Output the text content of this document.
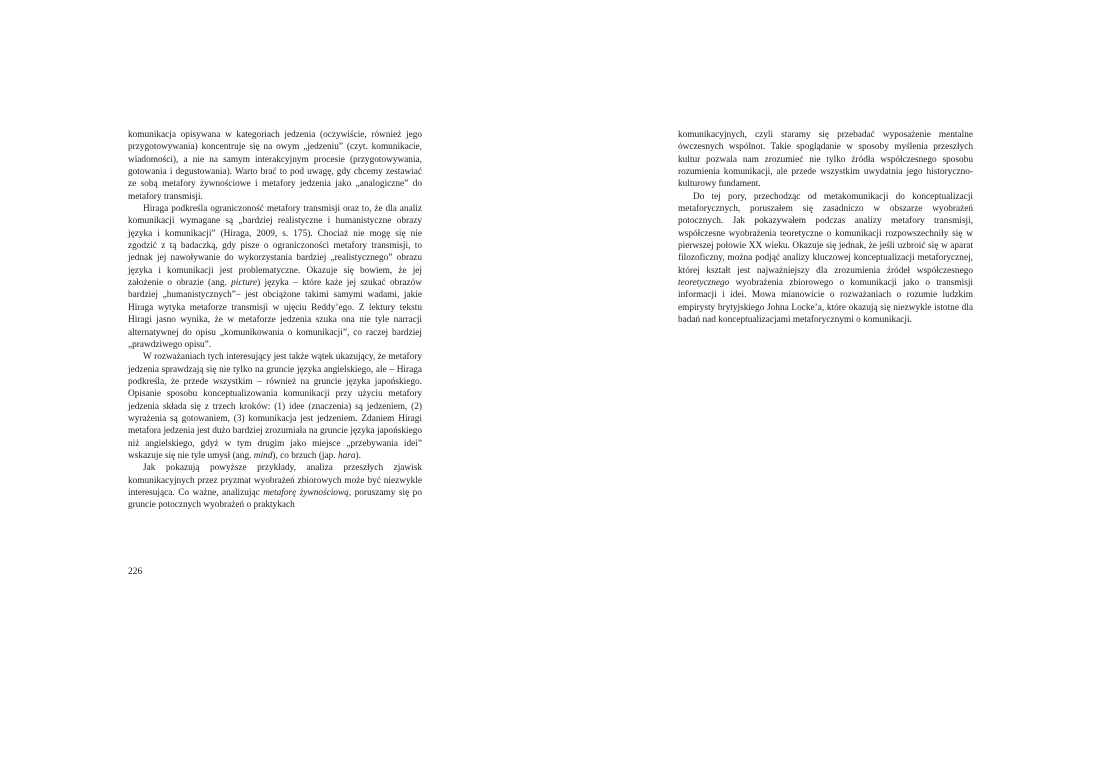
komunikacja opisywana w kategoriach jedzenia (oczywiście, również jego przygotowywania) koncentruje się na owym „jedzeniu” (czyt. komunikacie, wiadomości), a nie na samym interakcyjnym procesie (przygotowywania, gotowania i degustowania). Warto brać to pod uwagę, gdy chcemy zestawiać ze sobą metafory żywnościowe i metafory jedzenia jako „analogiczne” do metafory transmisji.

Hiraga podkreśla ograniczoność metafory transmisji oraz to, że dla analiz komunikacji wymagane są „bardziej realistyczne i humanistyczne obrazy języka i komunikacji” (Hiraga, 2009, s. 175). Chociaż nie mogę się nie zgodzić z tą badaczką, gdy pisze o ograniczoności metafory transmisji, to jednak jej nawoływanie do wykorzystania bardziej „realistycznego” obrazu języka i komunikacji jest problematyczne. Okazuje się bowiem, że jej założenie o obrazie (ang. picture) języka – które każe jej szukać obrazów bardziej „humanistycznych”– jest obciążone takimi samymi wadami, jakie Hiraga wytyka metaforze transmisji w ujęciu Reddy’ego. Z lektury tekstu Hiragi jasno wynika, że w metaforze jedzenia szuka ona nie tyle narracji alternatywnej do opisu „komunikowania o komunikacji”, co raczej bardziej „prawdziwego opisu”.

W rozważaniach tych interesujący jest także wątek ukazujący, że metafory jedzenia sprawdzają się nie tylko na gruncie języka angielskiego, ale – Hiraga podkreśla, że przede wszystkim – również na gruncie języka japońskiego. Opisanie sposobu konceptualizowania komunikacji przy użyciu metafory jedzenia składa się z trzech kroków: (1) idee (znaczenia) są jedzeniem, (2) wyrażenia są gotowaniem, (3) komunikacja jest jedzeniem. Zdaniem Hiragi metafora jedzenia jest dużo bardziej zrozumiała na gruncie języka japońskiego niż angielskiego, gdyż w tym drugim jako miejsce „przebywania idei” wskazuje się nie tyle umysł (ang. mind), co brzuch (jap. hara).

Jak pokazują powyższe przykłady, analiza przeszłych zjawisk komunikacyjnych przez pryzmat wyobrażeń zbiorowych może być niezwykle interesująca. Co ważne, analizując metaforę żywnościową, poruszamy się po gruncie potocznych wyobrażeń o praktykach

226

komunikacyjnych, czyli staramy się przebadać wyposażenie mentalne ówczesnych wspólnot. Takie spoglądanie w sposoby myślenia przeszłych kultur pozwala nam zrozumieć nie tylko źródła współczesnego sposobu rozumienia komunikacji, ale przede wszystkim uwydatnia jego historyczno-kulturowy fundament.

Do tej pory, przechodząc od metakomunikacji do konceptualizacji metaforycznych, poruszałem się zasadniczo w obszarze wyobrażeń potocznych. Jak pokazywałem podczas analizy metafory transmisji, współczesne wyobrażenia teoretyczne o komunikacji rozpowszechniły się w pierwszej połowie XX wieku. Okazuje się jednak, że jeśli uzbroić się w aparat filozoficzny, można podjąć analizy kluczowej konceptualizacji metaforycznej, której kształt jest najważniejszy dla zrozumienia źródeł współczesnego teoretycznego wyobrażenia zbiorowego o komunikacji jako o transmisji informacji i idei. Mowa mianowicie o rozważaniach o rozumie ludzkim empirysty brytyjskiego Johna Locke’a, które okazują się niezwykle istotne dla badań nad konceptualizacjami metaforycznymi o komunikacji.
